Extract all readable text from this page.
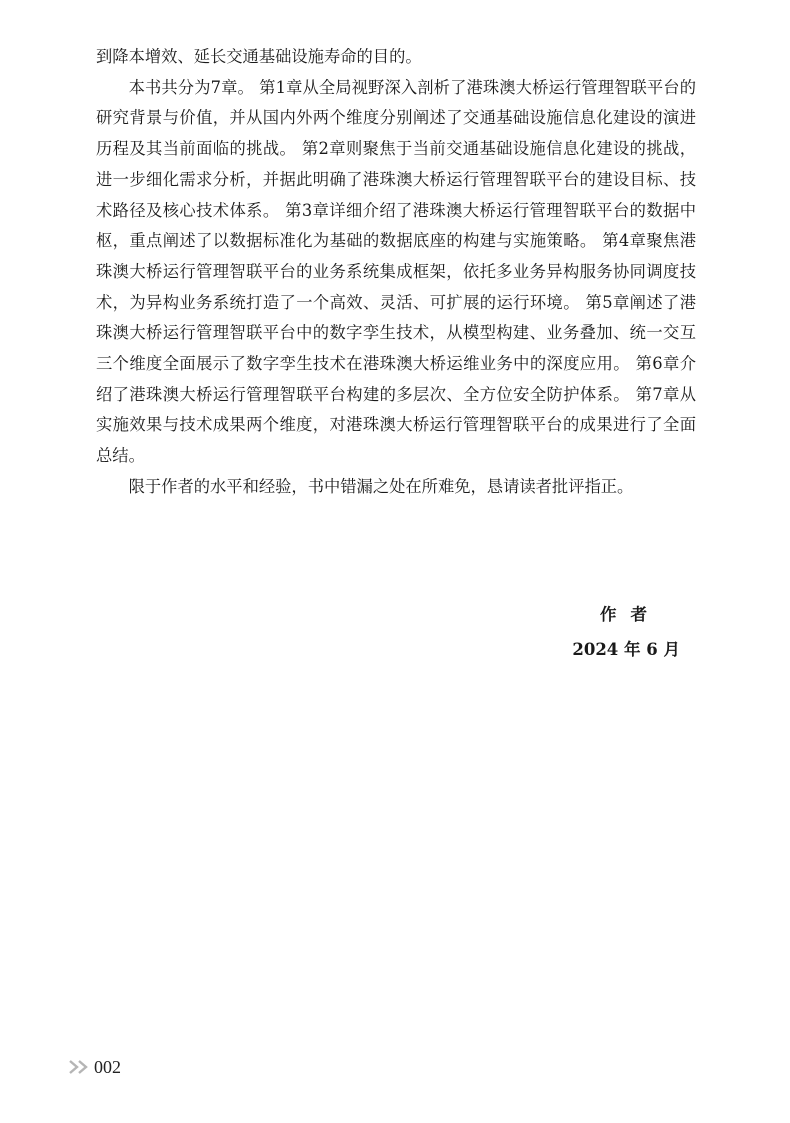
到降本增效、延长交通基础设施寿命的目的。

本书共分为7章。 第1章从全局视野深入剖析了港珠澳大桥运行管理智联平台的研究背景与价值，并从国内外两个维度分别阐述了交通基础设施信息化建设的演进历程及其当前面临的挑战。 第2章则聚焦于当前交通基础设施信息化建设的挑战，进一步细化需求分析，并据此明确了港珠澳大桥运行管理智联平台的建设目标、技术路径及核心技术体系。 第3章详细介绍了港珠澳大桥运行管理智联平台的数据中枢，重点阐述了以数据标准化为基础的数据底座的构建与实施策略。 第4章聚焦港珠澳大桥运行管理智联平台的业务系统集成框架，依托多业务异构服务协同调度技术，为异构业务系统打造了一个高效、灵活、可扩展的运行环境。 第5章阐述了港珠澳大桥运行管理智联平台中的数字孪生技术，从模型构建、业务叠加、统一交互三个维度全面展示了数字孪生技术在港珠澳大桥运维业务中的深度应用。 第6章介绍了港珠澳大桥运行管理智联平台构建的多层次、全方位安全防护体系。 第7章从实施效果与技术成果两个维度，对港珠澳大桥运行管理智联平台的成果进行了全面总结。

限于作者的水平和经验，书中错漏之处在所难免，恳请读者批评指正。

作者
2024 年 6 月
002
